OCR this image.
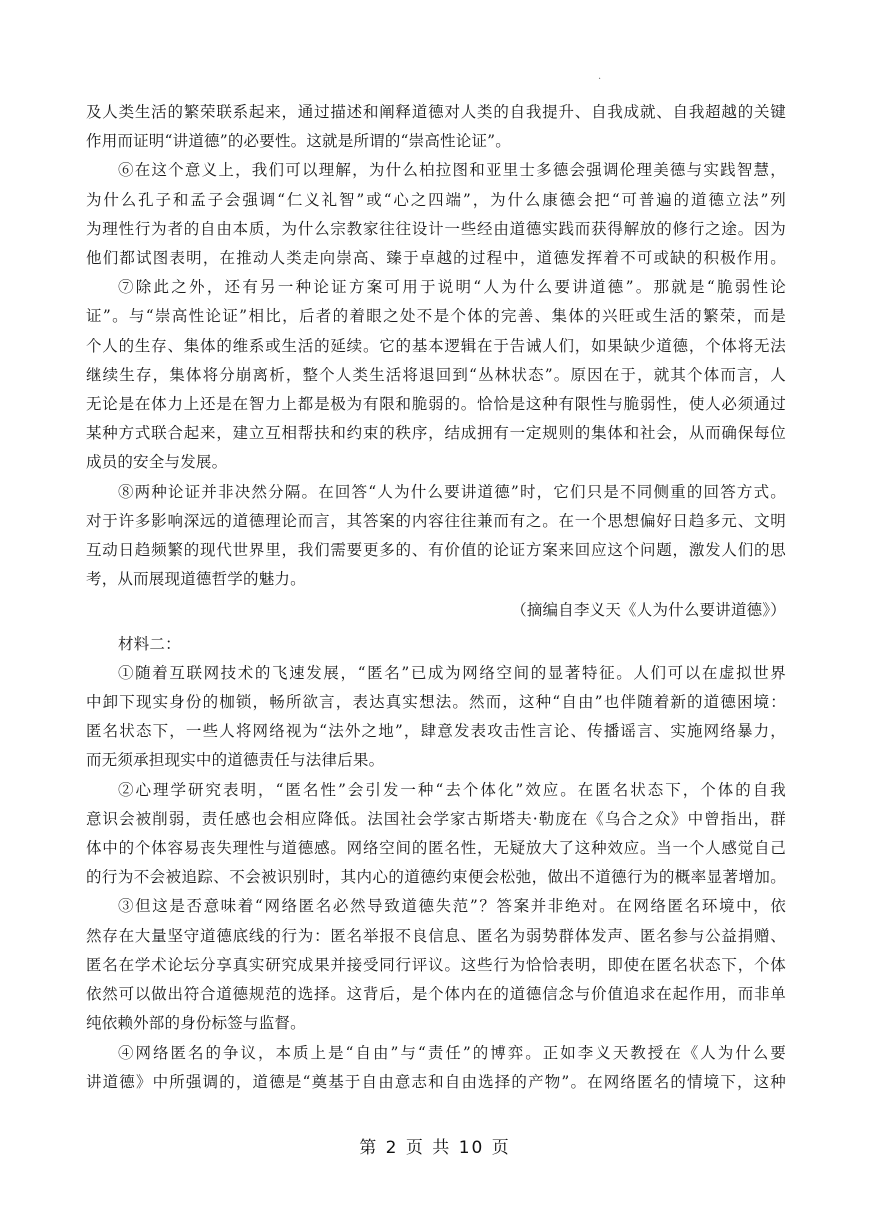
·
及人类生活的繁荣联系起来，通过描述和阐释道德对人类的自我提升、自我成就、自我超越的关键
作用而证明“讲道德”的必要性。这就是所谓的“崇高性论证”。
⑥在这个意义上，我们可以理解，为什么柏拉图和亚里士多德会强调伦理美德与实践智慧，
为什么孔子和孟子会强调“仁义礼智”或“心之四端”，为什么康德会把“可普遍的道德立法”列
为理性行为者的自由本质，为什么宗教家往往设计一些经由道德实践而获得解放的修行之途。因为
他们都试图表明，在推动人类走向崇高、臻于卓越的过程中，道德发挥着不可或缺的积极作用。
⑦除此之外，还有另一种论证方案可用于说明“人为什么要讲道德”。那就是“脆弱性论
证”。与“崇高性论证”相比，后者的着眼之处不是个体的完善、集体的兴旺或生活的繁荣，而是
个人的生存、集体的维系或生活的延续。它的基本逻辑在于告诫人们，如果缺少道德，个体将无法
继续生存，集体将分崩离析，整个人类生活将退回到“丛林状态”。原因在于，就其个体而言，人
无论是在体力上还是在智力上都是极为有限和脆弱的。恰恰是这种有限性与脆弱性，使人必须通过
某种方式联合起来，建立互相帮扶和约束的秩序，结成拥有一定规则的集体和社会，从而确保每位
成员的安全与发展。
⑧两种论证并非决然分隔。在回答“人为什么要讲道德”时，它们只是不同侧重的回答方式。
对于许多影响深远的道德理论而言，其答案的内容往往兼而有之。在一个思想偏好日趋多元、文明
互动日趋频繁的现代世界里，我们需要更多的、有价值的论证方案来回应这个问题，激发人们的思
考，从而展现道德哲学的魅力。
（摘编自李义天《人为什么要讲道德》）
材料二：
①随着互联网技术的飞速发展，“匿名”已成为网络空间的显著特征。人们可以在虚拟世界
中卸下现实身份的枷锁，畅所欲言，表达真实想法。然而，这种“自由”也伴随着新的道德困境：
匿名状态下，一些人将网络视为“法外之地”，肆意发表攻击性言论、传播谣言、实施网络暴力，
而无须承担现实中的道德责任与法律后果。
②心理学研究表明，“匿名性”会引发一种“去个体化”效应。在匿名状态下，个体的自我
意识会被削弱，责任感也会相应降低。法国社会学家古斯塔夫·勒庞在《乌合之众》中曾指出，群
体中的个体容易丧失理性与道德感。网络空间的匿名性，无疑放大了这种效应。当一个人感觉自己
的行为不会被追踪、不会被识别时，其内心的道德约束便会松弛，做出不道德行为的概率显著增加。
③但这是否意味着“网络匿名必然导致道德失范”？答案并非绝对。在网络匿名环境中，依
然存在大量坚守道德底线的行为：匿名举报不良信息、匿名为弱势群体发声、匿名参与公益捐赠、
匿名在学术论坛分享真实研究成果并接受同行评议。这些行为恰恰表明，即使在匿名状态下，个体
依然可以做出符合道德规范的选择。这背后，是个体内在的道德信念与价值追求在起作用，而非单
纯依赖外部的身份标签与监督。
④网络匿名的争议，本质上是“自由”与“责任”的博弈。正如李义天教授在《人为什么要
讲道德》中所强调的，道德是“奠基于自由意志和自由选择的产物”。在网络匿名的情境下，这种
第 2 页 共 10 页
